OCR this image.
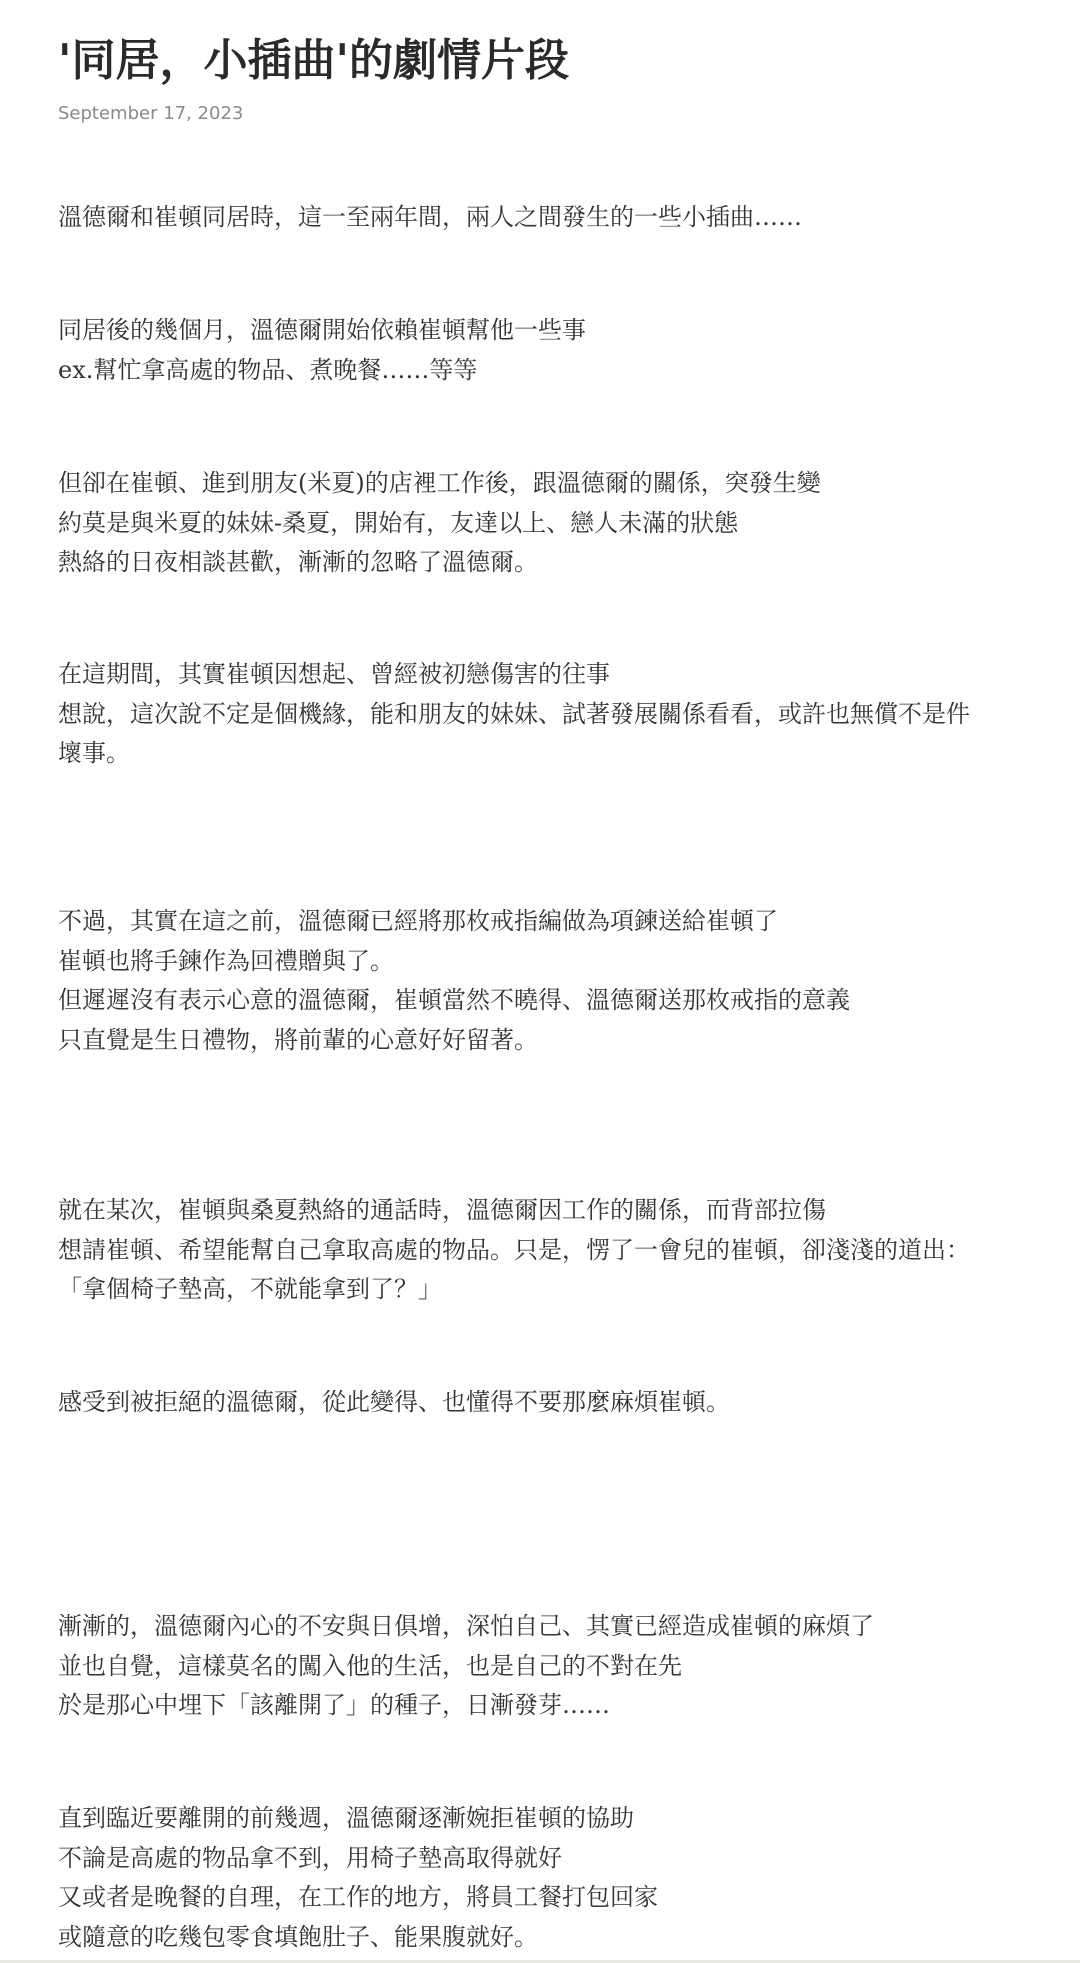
'同居，小插曲'的劇情片段
September 17, 2023

溫德爾和崔頓同居時，這一至兩年間，兩人之間發生的一些小插曲……

同居後的幾個月，溫德爾開始依賴崔頓幫他一些事
ex.幫忙拿高處的物品、煮晚餐……等等

但卻在崔頓、進到朋友(米夏)的店裡工作後，跟溫德爾的關係，突發生變
約莫是與米夏的妹妹-桑夏，開始有，友達以上、戀人未滿的狀態
熱絡的日夜相談甚歡，漸漸的忽略了溫德爾。

在這期間，其實崔頓因想起、曾經被初戀傷害的往事
想說，這次說不定是個機緣，能和朋友的妹妹、試著發展關係看看，或許也無償不是件
壞事。

不過，其實在這之前，溫德爾已經將那枚戒指編做為項鍊送給崔頓了
崔頓也將手鍊作為回禮贈與了。
但遲遲沒有表示心意的溫德爾，崔頓當然不曉得、溫德爾送那枚戒指的意義
只直覺是生日禮物，將前輩的心意好好留著。

就在某次，崔頓與桑夏熱絡的通話時，溫德爾因工作的關係，而背部拉傷
想請崔頓、希望能幫自己拿取高處的物品。只是，愣了一會兒的崔頓，卻淺淺的道出：
「拿個椅子墊高，不就能拿到了？」

感受到被拒絕的溫德爾，從此變得、也懂得不要那麼麻煩崔頓。

漸漸的，溫德爾內心的不安與日俱增，深怕自己、其實已經造成崔頓的麻煩了
並也自覺，這樣莫名的闖入他的生活，也是自己的不對在先
於是那心中埋下「該離開了」的種子，日漸發芽……

直到臨近要離開的前幾週，溫德爾逐漸婉拒崔頓的協助
不論是高處的物品拿不到，用椅子墊高取得就好
又或者是晚餐的自理，在工作的地方，將員工餐打包回家
或隨意的吃幾包零食填飽肚子、能果腹就好。
